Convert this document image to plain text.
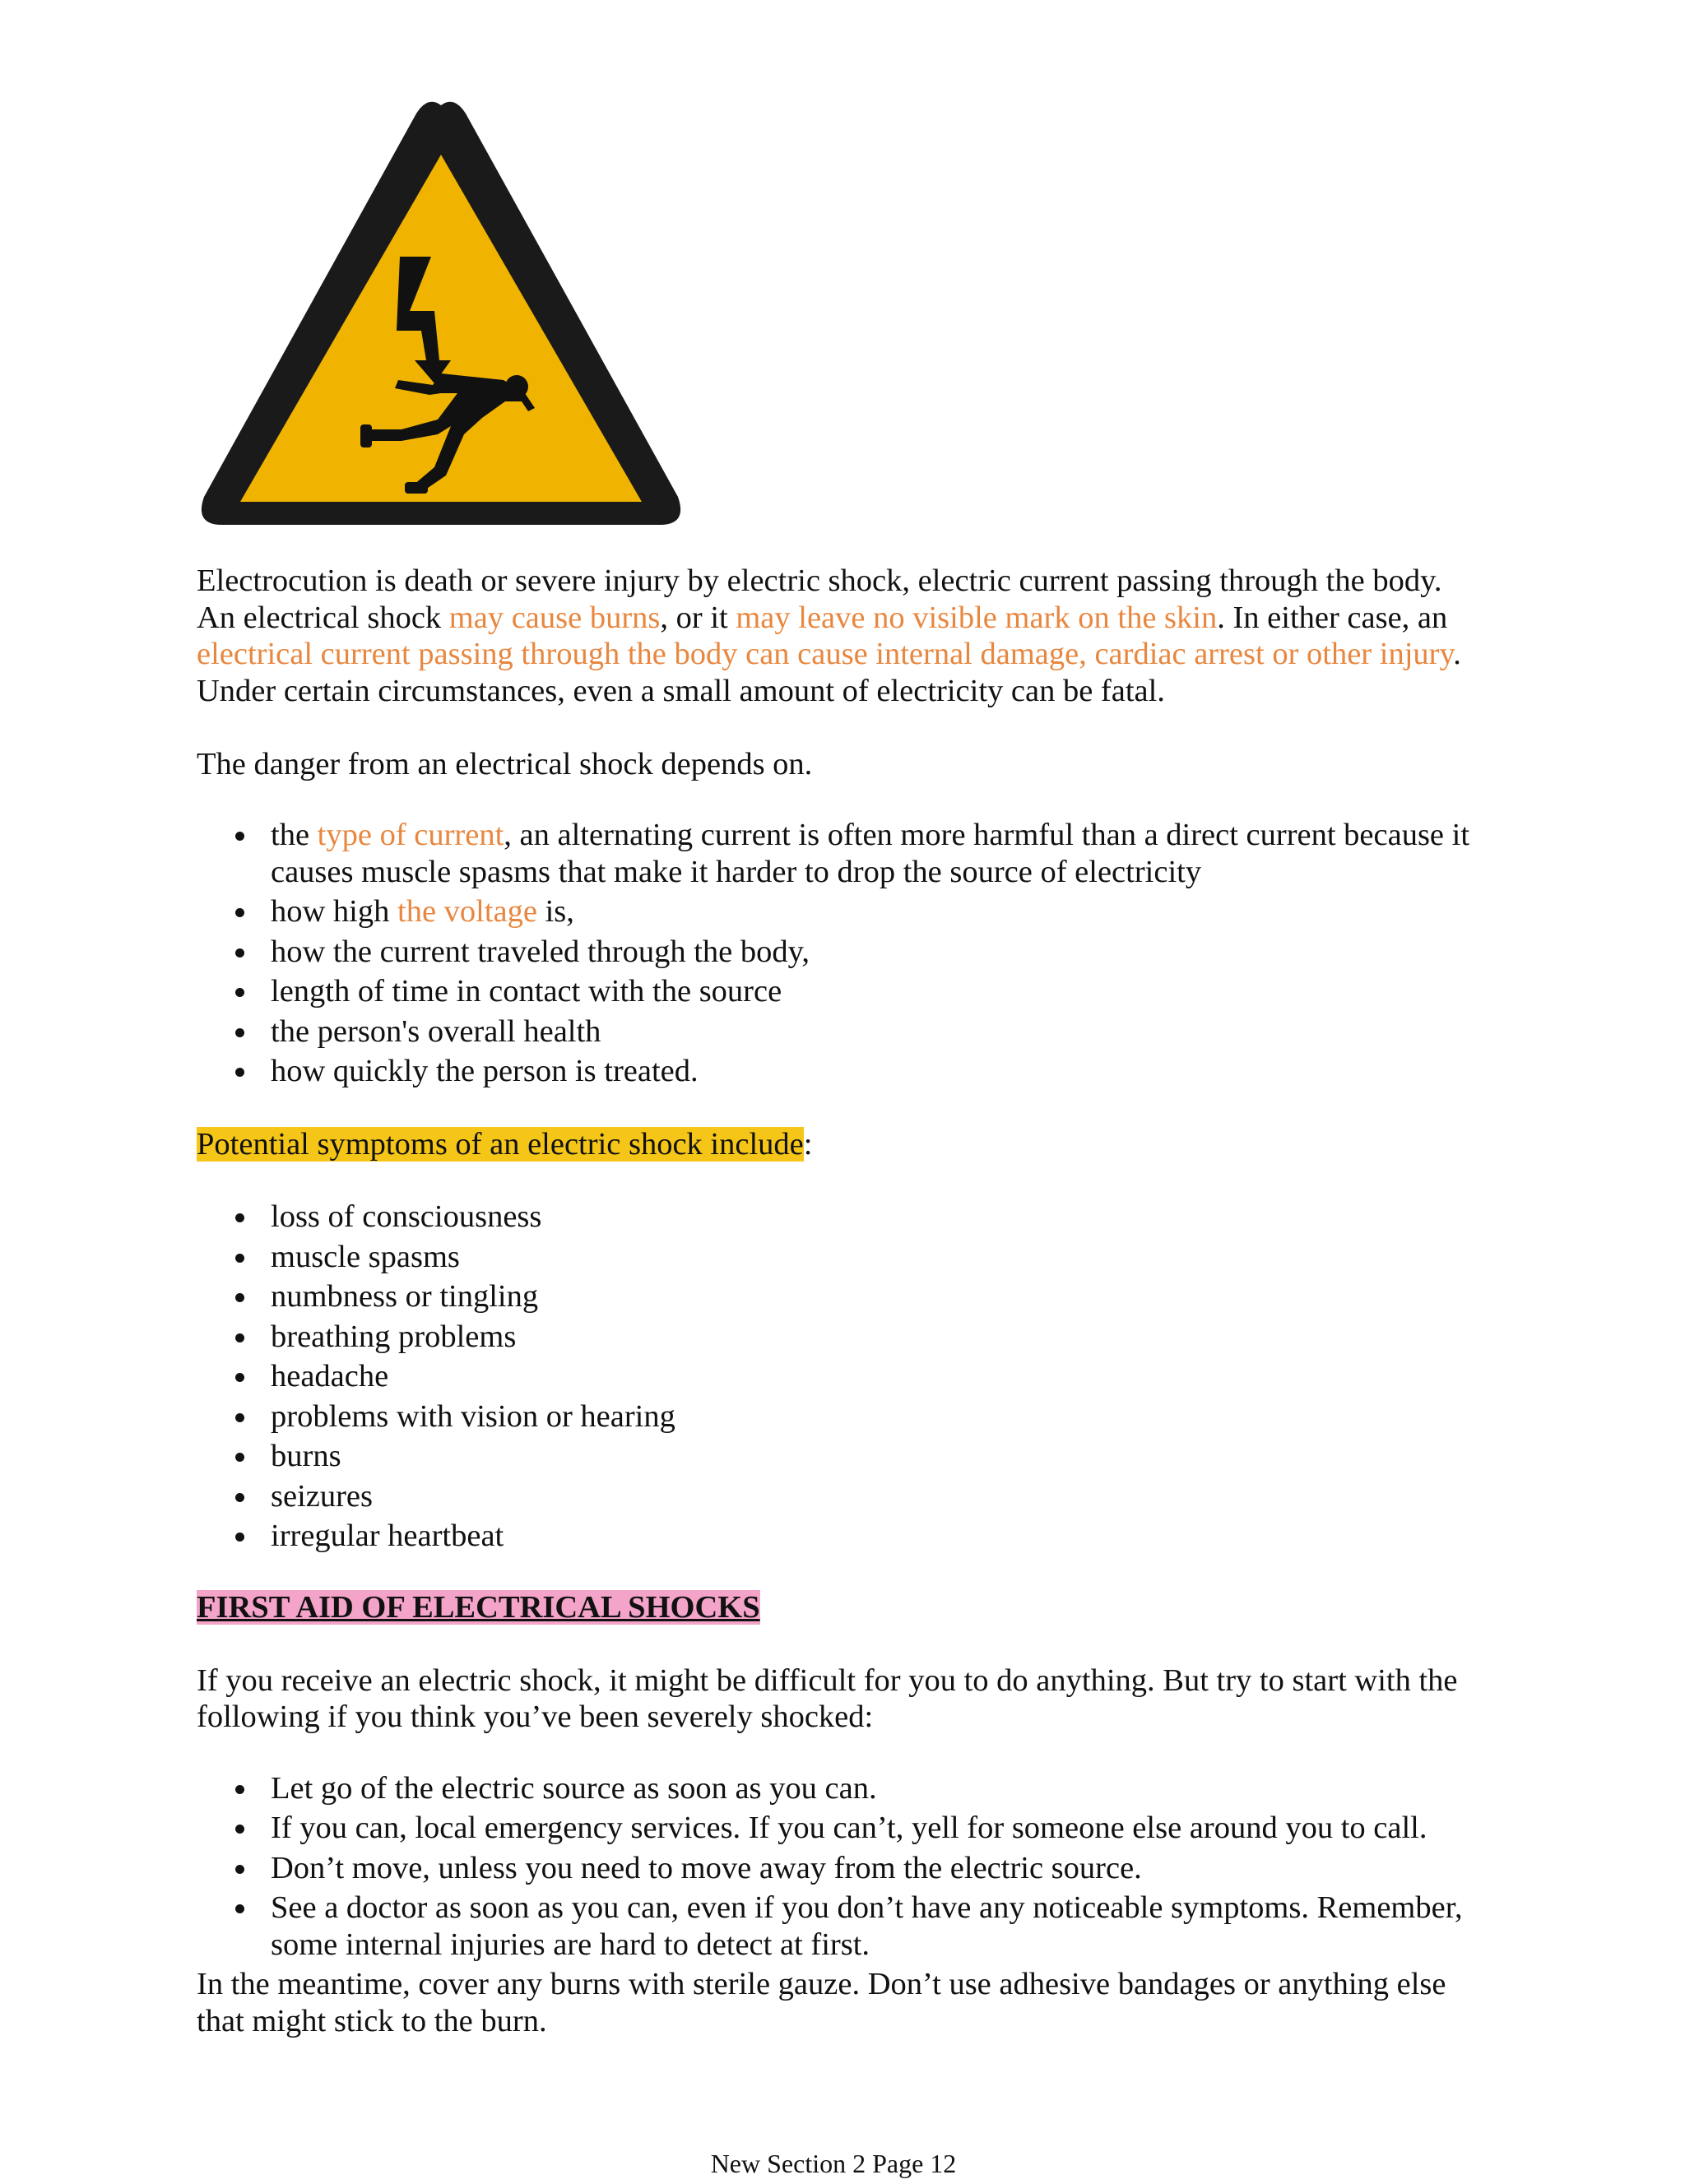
Electrocution is death or severe injury by electric shock, electric current passing through the body.

An electrical shock may cause burns, or it may leave no visible mark on the skin. In either case, an electrical current passing through the body can cause internal damage, cardiac arrest or other injury. Under certain circumstances, even a small amount of electricity can be fatal.

The danger from an electrical shock depends on.

the type of current, an alternating current is often more harmful than a direct current because it causes muscle spasms that make it harder to drop the source of electricity
how high the voltage is,
how the current traveled through the body,
length of time in contact with the source
the person's overall health
how quickly the person is treated.

Potential symptoms of an electric shock include:

loss of consciousness
muscle spasms
numbness or tingling
breathing problems
headache
problems with vision or hearing
burns
seizures
irregular heartbeat

FIRST AID OF ELECTRICAL SHOCKS

If you receive an electric shock, it might be difficult for you to do anything. But try to start with the following if you think you’ve been severely shocked:

Let go of the electric source as soon as you can.
If you can, local emergency services. If you can’t, yell for someone else around you to call.
Don’t move, unless you need to move away from the electric source.
See a doctor as soon as you can, even if you don’t have any noticeable symptoms. Remember, some internal injuries are hard to detect at first.

In the meantime, cover any burns with sterile gauze. Don’t use adhesive bandages or anything else that might stick to the burn.

New Section 2 Page 12
